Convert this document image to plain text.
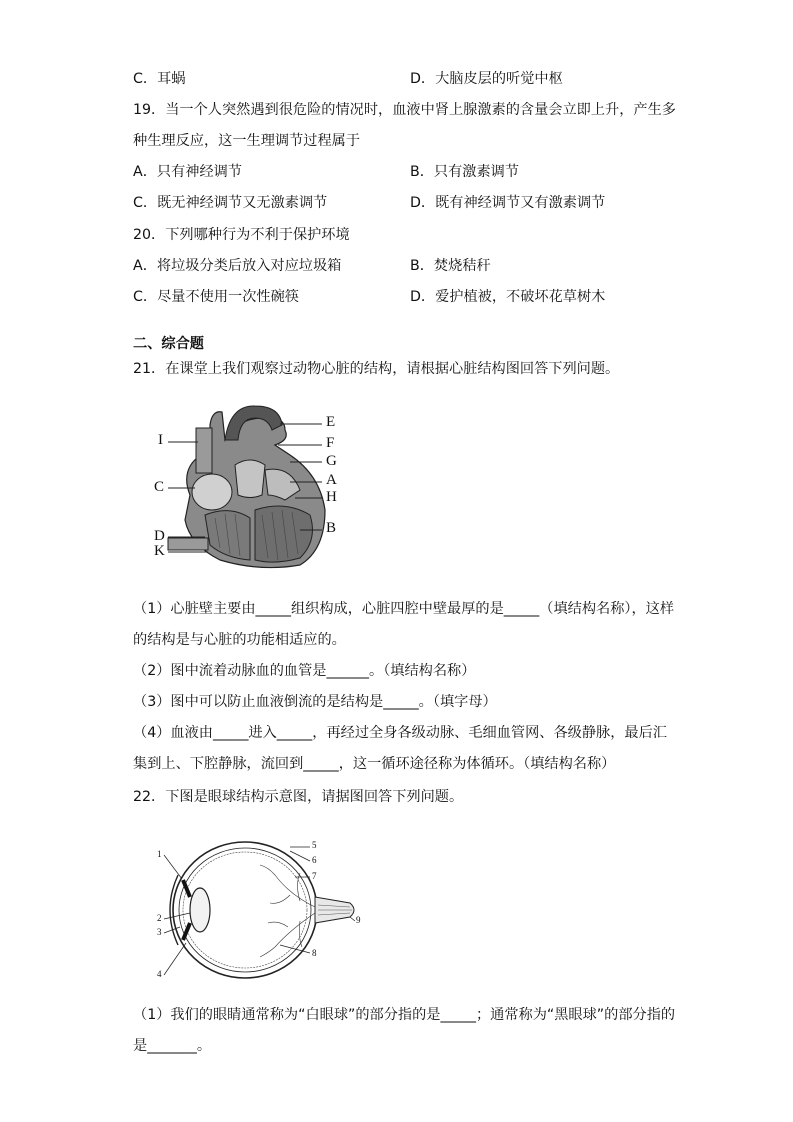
C．耳蜗	D．大脑皮层的听觉中枢
19．当一个人突然遇到很危险的情况时，血液中肾上腺激素的含量会立即上升，产生多
种生理反应，这一生理调节过程属于
A．只有神经调节	B．只有激素调节
C．既无神经调节又无激素调节	D．既有神经调节又有激素调节
20．下列哪种行为不利于保护环境
A．将垃圾分类后放入对应垃圾箱	B．焚烧秸秆
C．尽量不使用一次性碗筷	D．爱护植被，不破坏花草树木
二、综合题
21．在课堂上我们观察过动物心脏的结构，请根据心脏结构图回答下列问题。
E
F
G
A
H
B
I
C
D
K
（1）心脏壁主要由_____组织构成，心脏四腔中壁最厚的是_____（填结构名称），这样
的结构是与心脏的功能相适应的。
（2）图中流着动脉血的血管是______。（填结构名称）
（3）图中可以防止血液倒流的是结构是_____。（填字母）
（4）血液由_____进入_____，再经过全身各级动脉、毛细血管网、各级静脉，最后汇
集到上、下腔静脉，流回到_____，这一循环途径称为体循环。（填结构名称）
22．下图是眼球结构示意图，请据图回答下列问题。
1
2
3
4
5
6
7
8
9
（1）我们的眼睛通常称为“白眼球”的部分指的是_____；通常称为“黑眼球”的部分指的
是_______。
